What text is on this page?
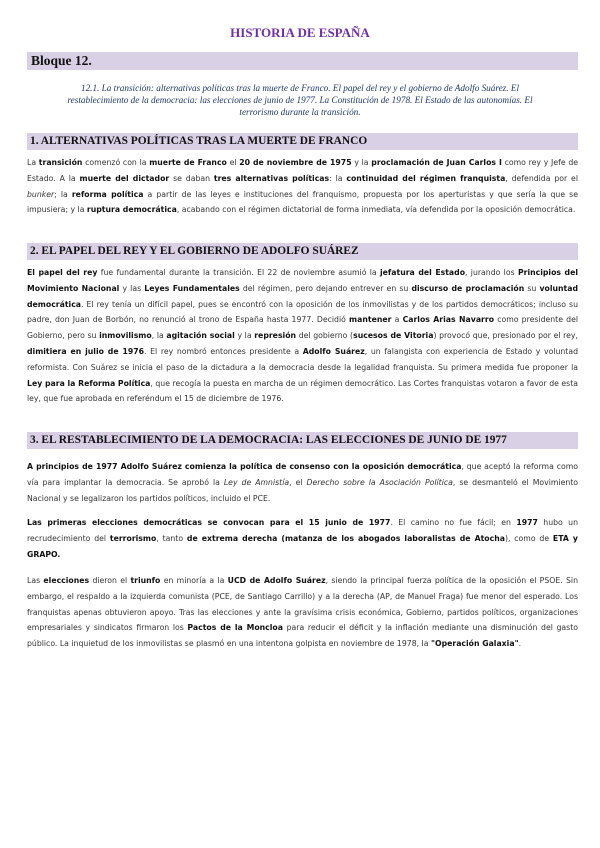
HISTORIA DE ESPAÑA
Bloque 12.
12.1. La transición: alternativas políticas tras la muerte de Franco. El papel del rey y el gobierno de Adolfo Suárez. El restablecimiento de la democracia: las elecciones de junio de 1977. La Constitución de 1978. El Estado de las autonomías. El terrorismo durante la transición.
1. ALTERNATIVAS POLÍTICAS TRAS LA MUERTE DE FRANCO
La transición comenzó con la muerte de Franco el 20 de noviembre de 1975 y la proclamación de Juan Carlos I como rey y Jefe de Estado. A la muerte del dictador se daban tres alternativas políticas: la continuidad del régimen franquista, defendida por el bunker; la reforma política a partir de las leyes e instituciones del franquismo, propuesta por los aperturistas y que sería la que se impusiera; y la ruptura democrática, acabando con el régimen dictatorial de forma inmediata, vía defendida por la oposición democrática.
2. EL PAPEL DEL REY Y EL GOBIERNO DE ADOLFO SUÁREZ
El papel del rey fue fundamental durante la transición. El 22 de noviembre asumió la jefatura del Estado, jurando los Principios del Movimiento Nacional y las Leyes Fundamentales del régimen, pero dejando entrever en su discurso de proclamación su voluntad democrática. El rey tenía un difícil papel, pues se encontró con la oposición de los inmovilistas y de los partidos democráticos; incluso su padre, don Juan de Borbón, no renunció al trono de España hasta 1977. Decidió mantener a Carlos Arias Navarro como presidente del Gobierno, pero su inmovilismo, la agitación social y la represión del gobierno (sucesos de Vitoria) provocó que, presionado por el rey, dimitiera en julio de 1976. El rey nombró entonces presidente a Adolfo Suárez, un falangista con experiencia de Estado y voluntad reformista. Con Suárez se inicia el paso de la dictadura a la democracia desde la legalidad franquista. Su primera medida fue proponer la Ley para la Reforma Política, que recogía la puesta en marcha de un régimen democrático. Las Cortes franquistas votaron a favor de esta ley, que fue aprobada en referéndum el 15 de diciembre de 1976.
3. EL RESTABLECIMIENTO DE LA DEMOCRACIA: LAS ELECCIONES DE JUNIO DE 1977
A principios de 1977 Adolfo Suárez comienza la política de consenso con la oposición democrática, que aceptó la reforma como vía para implantar la democracia. Se aprobó la Ley de Amnistía, el Derecho sobre la Asociación Política, se desmanteló el Movimiento Nacional y se legalizaron los partidos políticos, incluido el PCE.
Las primeras elecciones democráticas se convocan para el 15 junio de 1977. El camino no fue fácil; en 1977 hubo un recrudecimiento del terrorismo, tanto de extrema derecha (matanza de los abogados laboralistas de Atocha), como de ETA y GRAPO.
Las elecciones dieron el triunfo en minoría a la UCD de Adolfo Suárez, siendo la principal fuerza política de la oposición el PSOE. Sin embargo, el respaldo a la izquierda comunista (PCE, de Santiago Carrillo) y a la derecha (AP, de Manuel Fraga) fue menor del esperado. Los franquistas apenas obtuvieron apoyo. Tras las elecciones y ante la gravísima crisis económica, Gobierno, partidos políticos, organizaciones empresariales y sindicatos firmaron los Pactos de la Moncloa para reducir el déficit y la inflación mediante una disminución del gasto público. La inquietud de los inmovilistas se plasmó en una intentona golpista en noviembre de 1978, la "Operación Galaxia".
